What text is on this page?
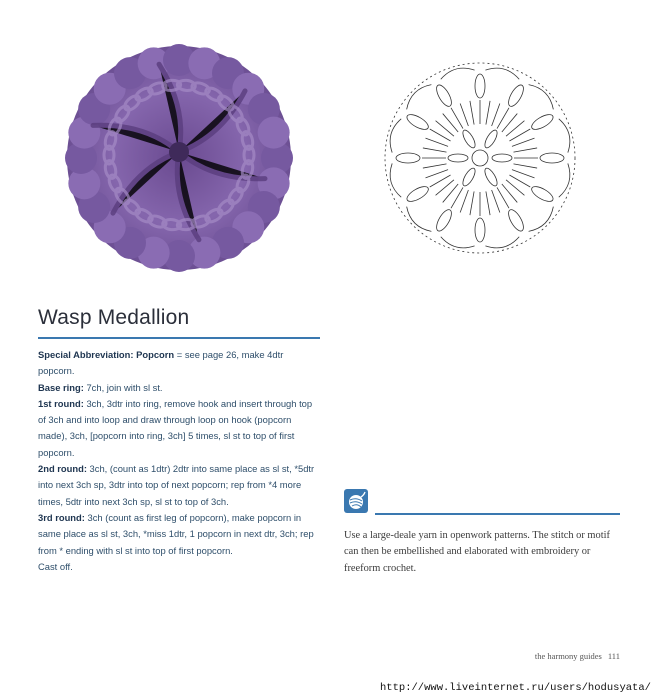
Wasp Medallion

Special Abbreviation: Popcorn = see page 26, make 4dtr popcorn.

Base ring: 7ch, join with sl st.

1st round: 3ch, 3dtr into ring, remove hook and insert through top of 3ch and into loop and draw through loop on hook (popcorn made), 3ch, [popcorn into ring, 3ch] 5 times, sl st to top of first popcorn.

2nd round: 3ch, (count as 1dtr) 2dtr into same place as sl st, *5dtr into next 3ch sp, 3dtr into top of next popcorn; rep from *4 more times, 5dtr into next 3ch sp, sl st to top of 3ch.

3rd round: 3ch (count as first leg of popcorn), make popcorn in same place as sl st, 3ch, *miss 1dtr, 1 popcorn in next dtr, 3ch; rep from * ending with sl st into top of first popcorn.

Cast off.

Use a large-deale yarn in openwork patterns. The stitch or motif can then be embellished and elaborated with embroidery or freeform crochet.
the harmony guides 111
http://www.liveinternet.ru/users/hodusyata/
